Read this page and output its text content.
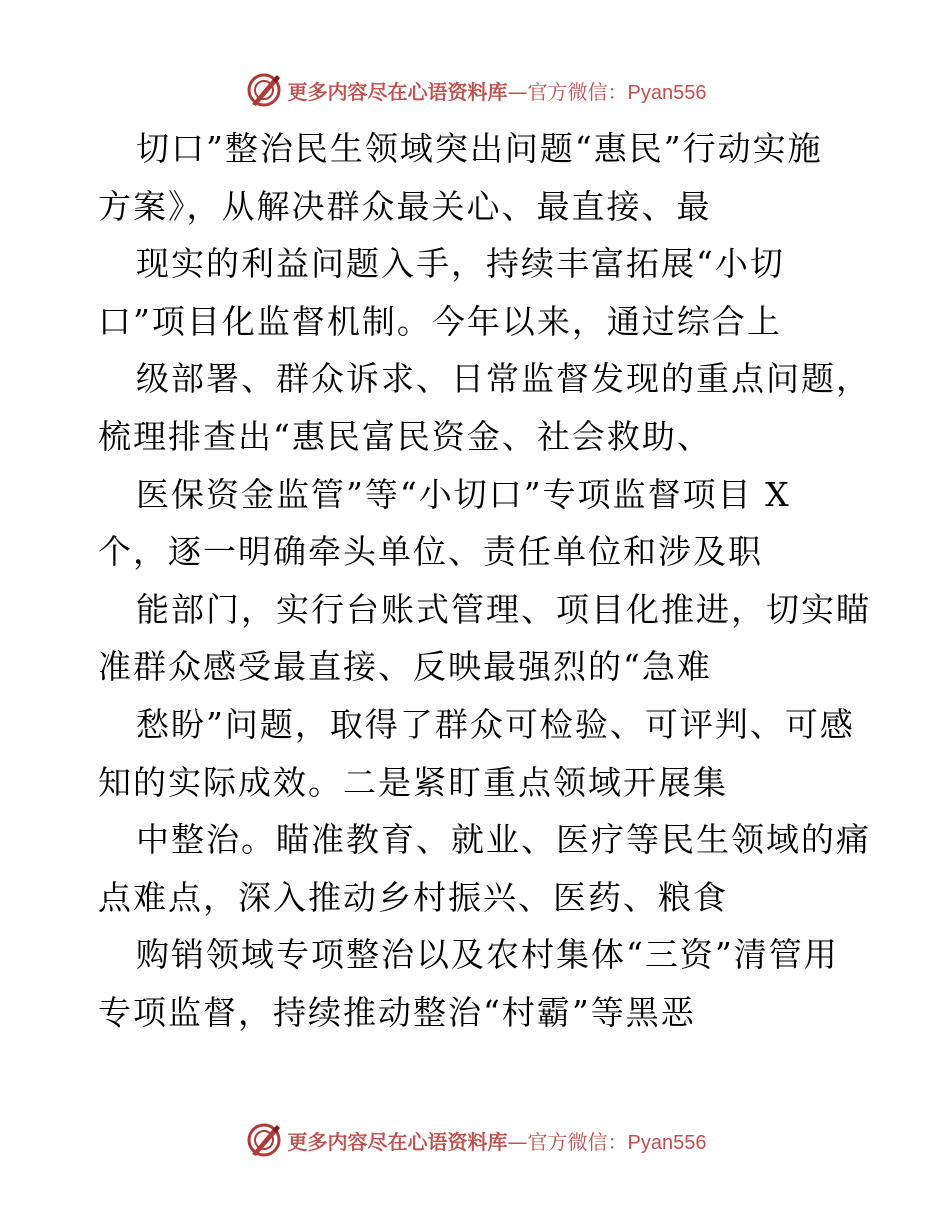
更多内容尽在心语资料库—官方微信：Pyan556
切口”整治民生领域突出问题“惠民”行动实施
方案》，从解决群众最关心、最直接、最
现实的利益问题入手，持续丰富拓展“小切
口”项目化监督机制。今年以来，通过综合上
级部署、群众诉求、日常监督发现的重点问题，
梳理排查出“惠民富民资金、社会救助、
医保资金监管”等“小切口”专项监督项目 X
个，逐一明确牵头单位、责任单位和涉及职
能部门，实行台账式管理、项目化推进，切实瞄
准群众感受最直接、反映最强烈的“急难
愁盼”问题，取得了群众可检验、可评判、可感
知的实际成效。二是紧盯重点领域开展集
中整治。瞄准教育、就业、医疗等民生领域的痛
点难点，深入推动乡村振兴、医药、粮食
购销领域专项整治以及农村集体“三资”清管用
专项监督，持续推动整治“村霸”等黑恶
更多内容尽在心语资料库—官方微信：Pyan556
